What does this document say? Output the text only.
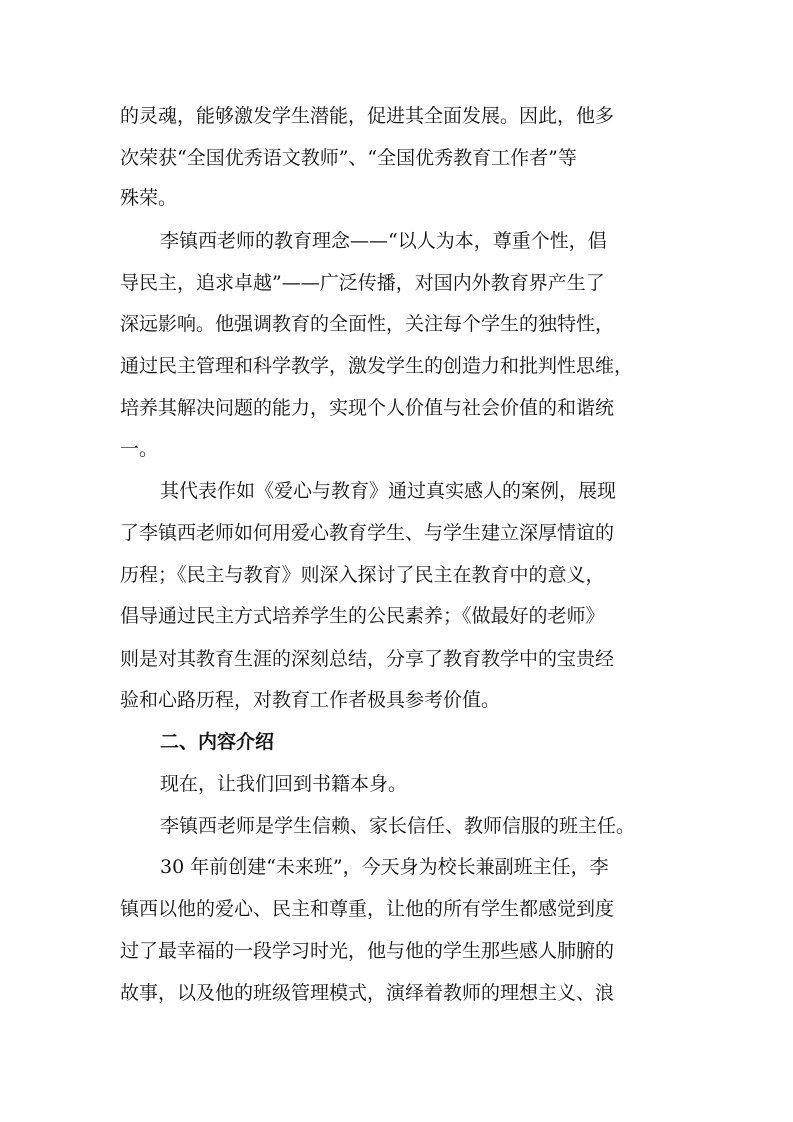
的灵魂，能够激发学生潜能，促进其全面发展。因此，他多
次荣获“全国优秀语文教师”、“全国优秀教育工作者”等
殊荣。
李镇西老师的教育理念——“以人为本，尊重个性，倡
导民主，追求卓越”——广泛传播，对国内外教育界产生了
深远影响。他强调教育的全面性，关注每个学生的独特性，
通过民主管理和科学教学，激发学生的创造力和批判性思维，
培养其解决问题的能力，实现个人价值与社会价值的和谐统
一。
其代表作如《爱心与教育》通过真实感人的案例，展现
了李镇西老师如何用爱心教育学生、与学生建立深厚情谊的
历程；《民主与教育》则深入探讨了民主在教育中的意义，
倡导通过民主方式培养学生的公民素养；《做最好的老师》
则是对其教育生涯的深刻总结，分享了教育教学中的宝贵经
验和心路历程，对教育工作者极具参考价值。
二、内容介绍
现在，让我们回到书籍本身。
李镇西老师是学生信赖、家长信任、教师信服的班主任。
30 年前创建“未来班”，今天身为校长兼副班主任，李
镇西以他的爱心、民主和尊重，让他的所有学生都感觉到度
过了最幸福的一段学习时光，他与他的学生那些感人肺腑的
故事，以及他的班级管理模式，演绎着教师的理想主义、浪
